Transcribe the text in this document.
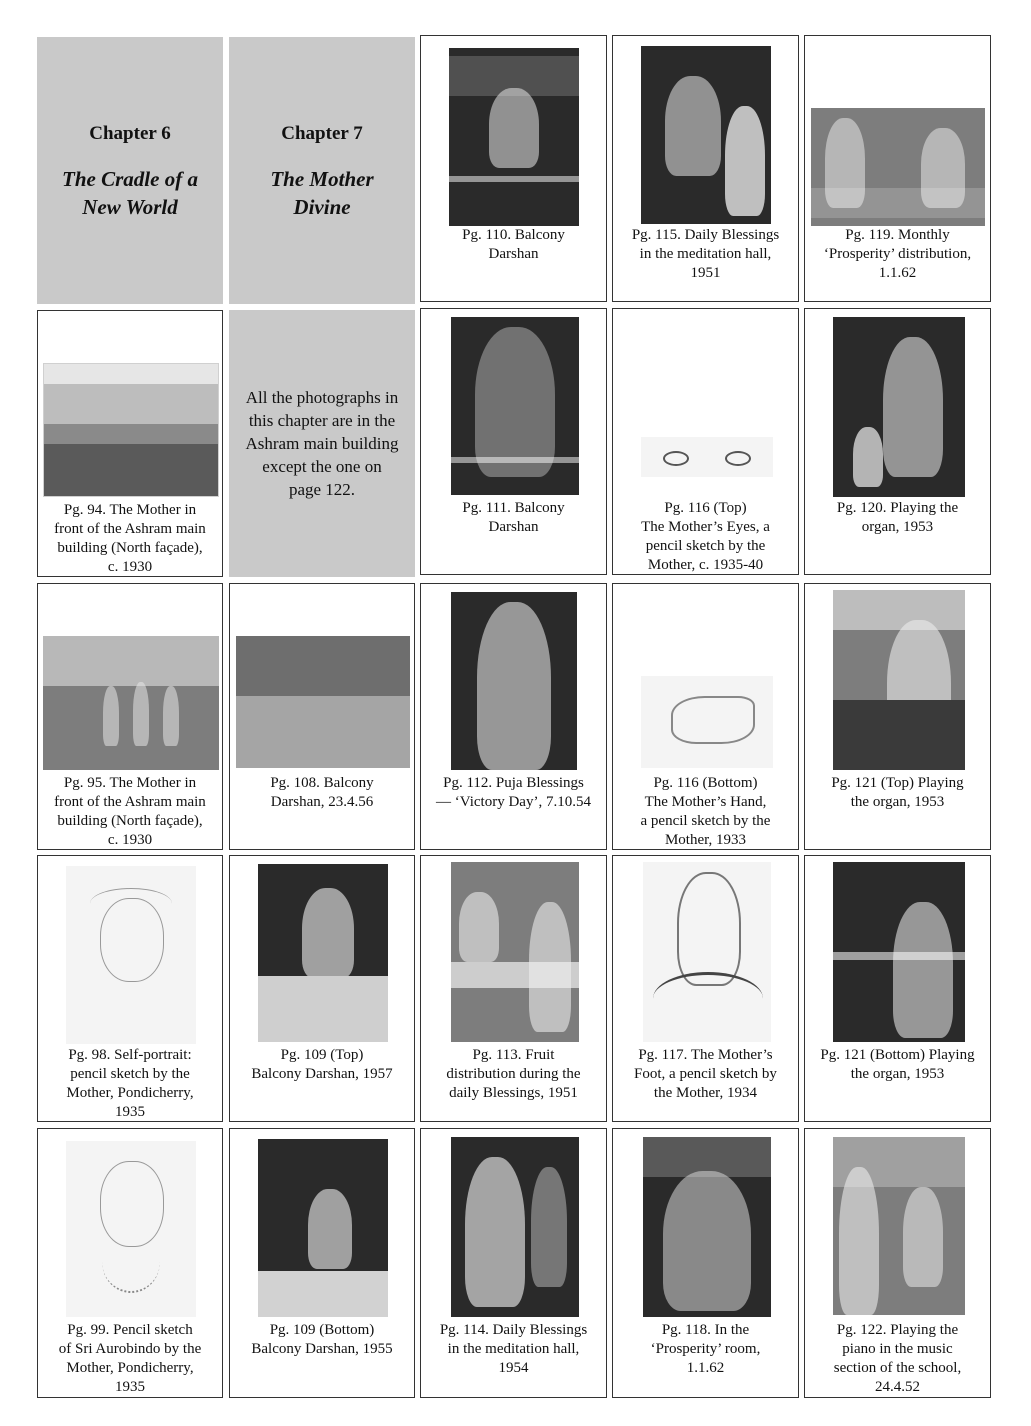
Chapter 6
The Cradle of a
New World
Chapter 7
The Mother
Divine
Pg. 110. Balcony
Darshan
Pg. 115. Daily Blessings
in the meditation hall,
1951
Pg. 119. Monthly
‘Prosperity’ distribution,
1.1.62
Pg. 94. The Mother in
front of the Ashram main
building (North façade),
c. 1930
All the photographs in
this chapter are in the
Ashram main building
except the one on
page 122.
Pg. 111. Balcony
Darshan
Pg. 116 (Top)
The Mother’s Eyes, a
pencil sketch by the
Mother, c. 1935-40
Pg. 120. Playing the
organ, 1953
Pg. 95. The Mother in
front of the Ashram main
building (North façade),
c. 1930
Pg. 108. Balcony
Darshan, 23.4.56
Pg. 112. Puja Blessings
— ‘Victory Day’, 7.10.54
Pg. 116 (Bottom)
The Mother’s Hand,
a pencil sketch by the
Mother, 1933
Pg. 121 (Top) Playing
the organ, 1953
Pg. 98. Self-portrait:
pencil sketch by the
Mother, Pondicherry,
1935
Pg. 109 (Top)
Balcony Darshan, 1957
Pg. 113. Fruit
distribution during the
daily Blessings, 1951
Pg. 117. The Mother’s
Foot, a pencil sketch by
the Mother, 1934
Pg. 121 (Bottom) Playing
the organ, 1953
Pg. 99. Pencil sketch
of Sri Aurobindo by the
Mother, Pondicherry,
1935
Pg. 109 (Bottom)
Balcony Darshan, 1955
Pg. 114. Daily Blessings
in the meditation hall,
1954
Pg. 118. In the
‘Prosperity’ room,
1.1.62
Pg. 122. Playing the
piano in the music
section of the school,
24.4.52
